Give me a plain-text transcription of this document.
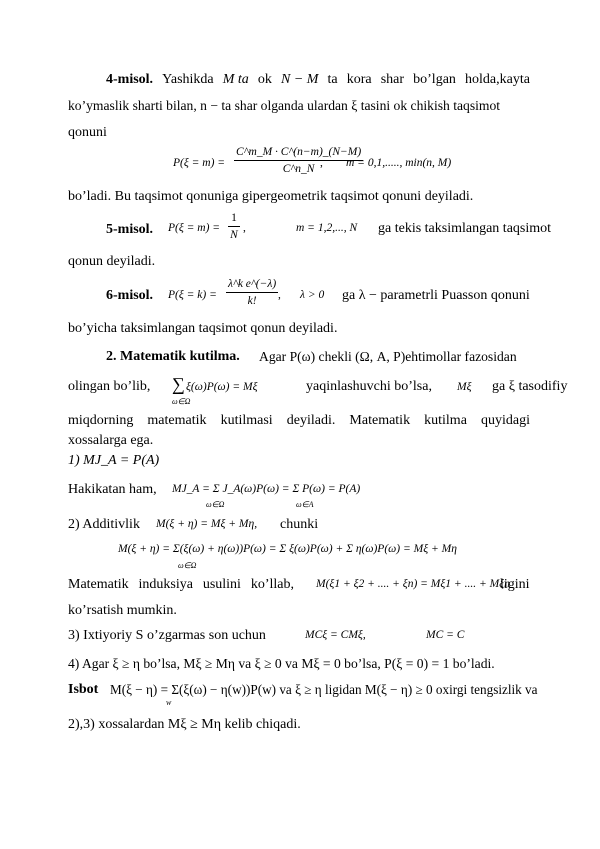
4-misol. Yashikda M ta ok N − M ta kora shar bo’lgan holda,kayta
ko’ymaslik sharti bilan, n − ta shar olganda ulardan ξ tasini ok chikish taqsimot
qonuni
$P(\xi = m) = \frac{C\^{}m\_M \cdot C\^{}(n-m)\_(N-M)}{C\^{}n\_N}$
, m = 0,1,....., min(n, M)
bo’ladi. Bu taqsimot qonuniga gipergeometrik taqsimot qonuni deyiladi.
5-misol. $P(\xi = m) = \frac{1}{N}$ ,	m = 1,2,..., N ga tekis taksimlangan taqsimot
qonun deyiladi.
6-misol. $P(\xi = k) = \frac{\text{λ\textasciicircum{}k e\textasciicircum{}(−λ)}}{k!}$ , λ > 0 ga λ − parametrli Puasson qonuni
bo’yicha taksimlangan taqsimot qonun deyiladi.
2. Matematik kutilma. Agar P(ω) chekli (Ω, A, P)ehtimollar fazosidan
olingan bo’lib, ∑ ξ(ω)P(ω) = Mξ
ω∈Ω
yaqinlashuvchi bo’lsa, Mξ ga ξ tasodifiy
miqdorning matematik kutilmasi deyiladi. Matematik kutilma quyidagi
xossalarga ega.
1) MJ_A = P(A)
Hakikatan ham, MJ_A = Σ J_A(ω)P(ω) = Σ P(ω) = P(A)
ω∈Ω	ω∈A
2) Additivlik M(ξ + η) = Mξ + Mη, chunki
M(ξ + η) = Σ(ξ(ω) + η(ω))P(ω) = Σ ξ(ω)P(ω) + Σ η(ω)P(ω) = Mξ + Mη
ω∈Ω
Matematik induksiya usulini ko’llab, M(ξ1 + ξ2 + .... + ξn) = Mξ1 + .... + Mξn
ligini
ko’rsatish mumkin.
3) Ixtiyoriy S o’zgarmas son uchun	MCξ = CMξ,	MC = C
4) Agar ξ ≥ η bo’lsa, Mξ ≥ Mη va ξ ≥ 0 va Mξ = 0 bo’lsa, P(ξ = 0) = 1 bo’ladi.
Isbot M(ξ − η) = Σ(ξ(ω) − η(w))P(w) va ξ ≥ η ligidan M(ξ − η) ≥ 0 oxirgi tengsizlik va
w
2),3) xossalardan Mξ ≥ Mη kelib chiqadi.
